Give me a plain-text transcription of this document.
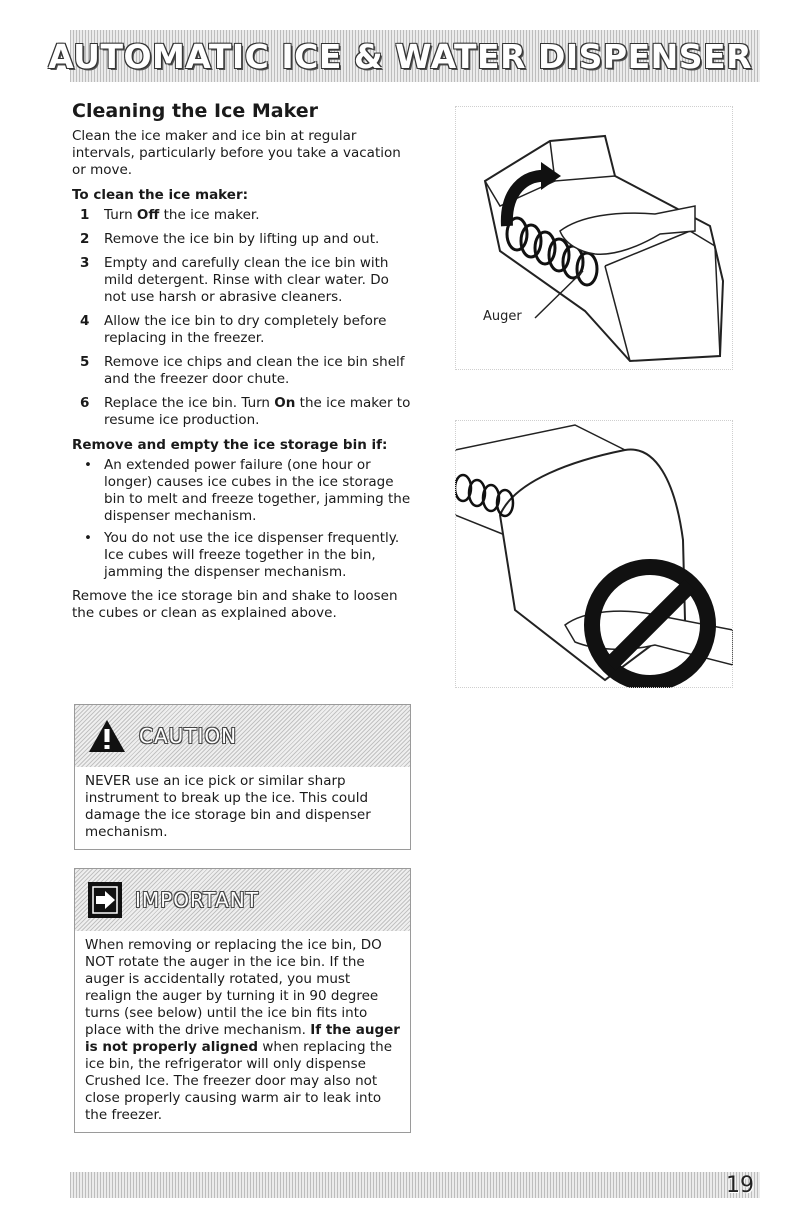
AUTOMATIC ICE & WATER DISPENSER
Cleaning the Ice Maker

Clean the ice maker and ice bin at regular intervals, particularly before you take a vacation or move.

To clean the ice maker:
1	Turn Off the ice maker.
2	Remove the ice bin by lifting up and out.
3	Empty and carefully clean the ice bin with mild detergent. Rinse with clear water. Do not use harsh or abrasive cleaners.
4	Allow the ice bin to dry completely before replacing in the freezer.
5	Remove ice chips and clean the ice bin shelf and the freezer door chute.
6	Replace the ice bin. Turn On the ice maker to resume ice production.
Remove and empty the ice storage bin if:
• An extended power failure (one hour or longer) causes ice cubes in the ice storage bin to melt and freeze together, jamming the dispenser mechanism.
• You do not use the ice dispenser frequently. Ice cubes will freeze together in the bin, jamming the dispenser mechanism.

Remove the ice storage bin and shake to loosen the cubes or clean as explained above.

CAUTION
NEVER use an ice pick or similar sharp instrument to break up the ice. This could damage the ice storage bin and dispenser mechanism.
IMPORTANT
When removing or replacing the ice bin, DO NOT rotate the auger in the ice bin. If the auger is accidentally rotated, you must realign the auger by turning it in 90 degree turns (see below) until the ice bin fits into place with the drive mechanism. If the auger is not properly aligned when replacing the ice bin, the refrigerator will only dispense Crushed Ice. The freezer door may also not close properly causing warm air to leak into the freezer.
Auger
19
